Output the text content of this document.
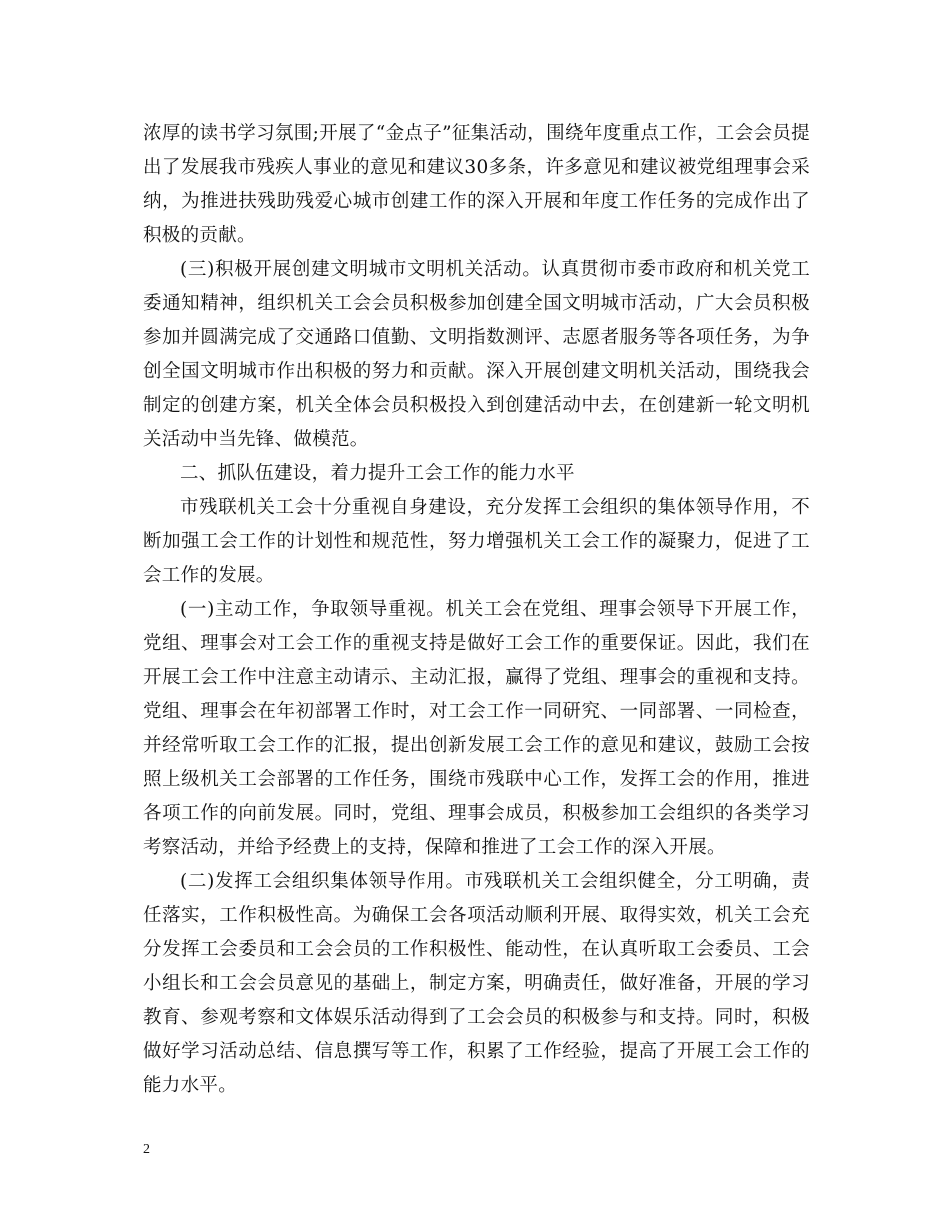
浓厚的读书学习氛围;开展了“金点子”征集活动，围绕年度重点工作，工会会员提出了发展我市残疾人事业的意见和建议30多条，许多意见和建议被党组理事会采纳，为推进扶残助残爱心城市创建工作的深入开展和年度工作任务的完成作出了积极的贡献。

(三)积极开展创建文明城市文明机关活动。认真贯彻市委市政府和机关党工委通知精神，组织机关工会会员积极参加创建全国文明城市活动，广大会员积极参加并圆满完成了交通路口值勤、文明指数测评、志愿者服务等各项任务，为争创全国文明城市作出积极的努力和贡献。深入开展创建文明机关活动，围绕我会制定的创建方案，机关全体会员积极投入到创建活动中去，在创建新一轮文明机关活动中当先锋、做模范。

二、抓队伍建设，着力提升工会工作的能力水平

市残联机关工会十分重视自身建设，充分发挥工会组织的集体领导作用，不断加强工会工作的计划性和规范性，努力增强机关工会工作的凝聚力，促进了工会工作的发展。

(一)主动工作，争取领导重视。机关工会在党组、理事会领导下开展工作，党组、理事会对工会工作的重视支持是做好工会工作的重要保证。因此，我们在开展工会工作中注意主动请示、主动汇报，赢得了党组、理事会的重视和支持。党组、理事会在年初部署工作时，对工会工作一同研究、一同部署、一同检查，并经常听取工会工作的汇报，提出创新发展工会工作的意见和建议，鼓励工会按照上级机关工会部署的工作任务，围绕市残联中心工作，发挥工会的作用，推进各项工作的向前发展。同时，党组、理事会成员，积极参加工会组织的各类学习考察活动，并给予经费上的支持，保障和推进了工会工作的深入开展。

(二)发挥工会组织集体领导作用。市残联机关工会组织健全，分工明确，责任落实，工作积极性高。为确保工会各项活动顺利开展、取得实效，机关工会充分发挥工会委员和工会会员的工作积极性、能动性，在认真听取工会委员、工会小组长和工会会员意见的基础上，制定方案，明确责任，做好准备，开展的学习教育、参观考察和文体娱乐活动得到了工会会员的积极参与和支持。同时，积极做好学习活动总结、信息撰写等工作，积累了工作经验，提高了开展工会工作的能力水平。

2
